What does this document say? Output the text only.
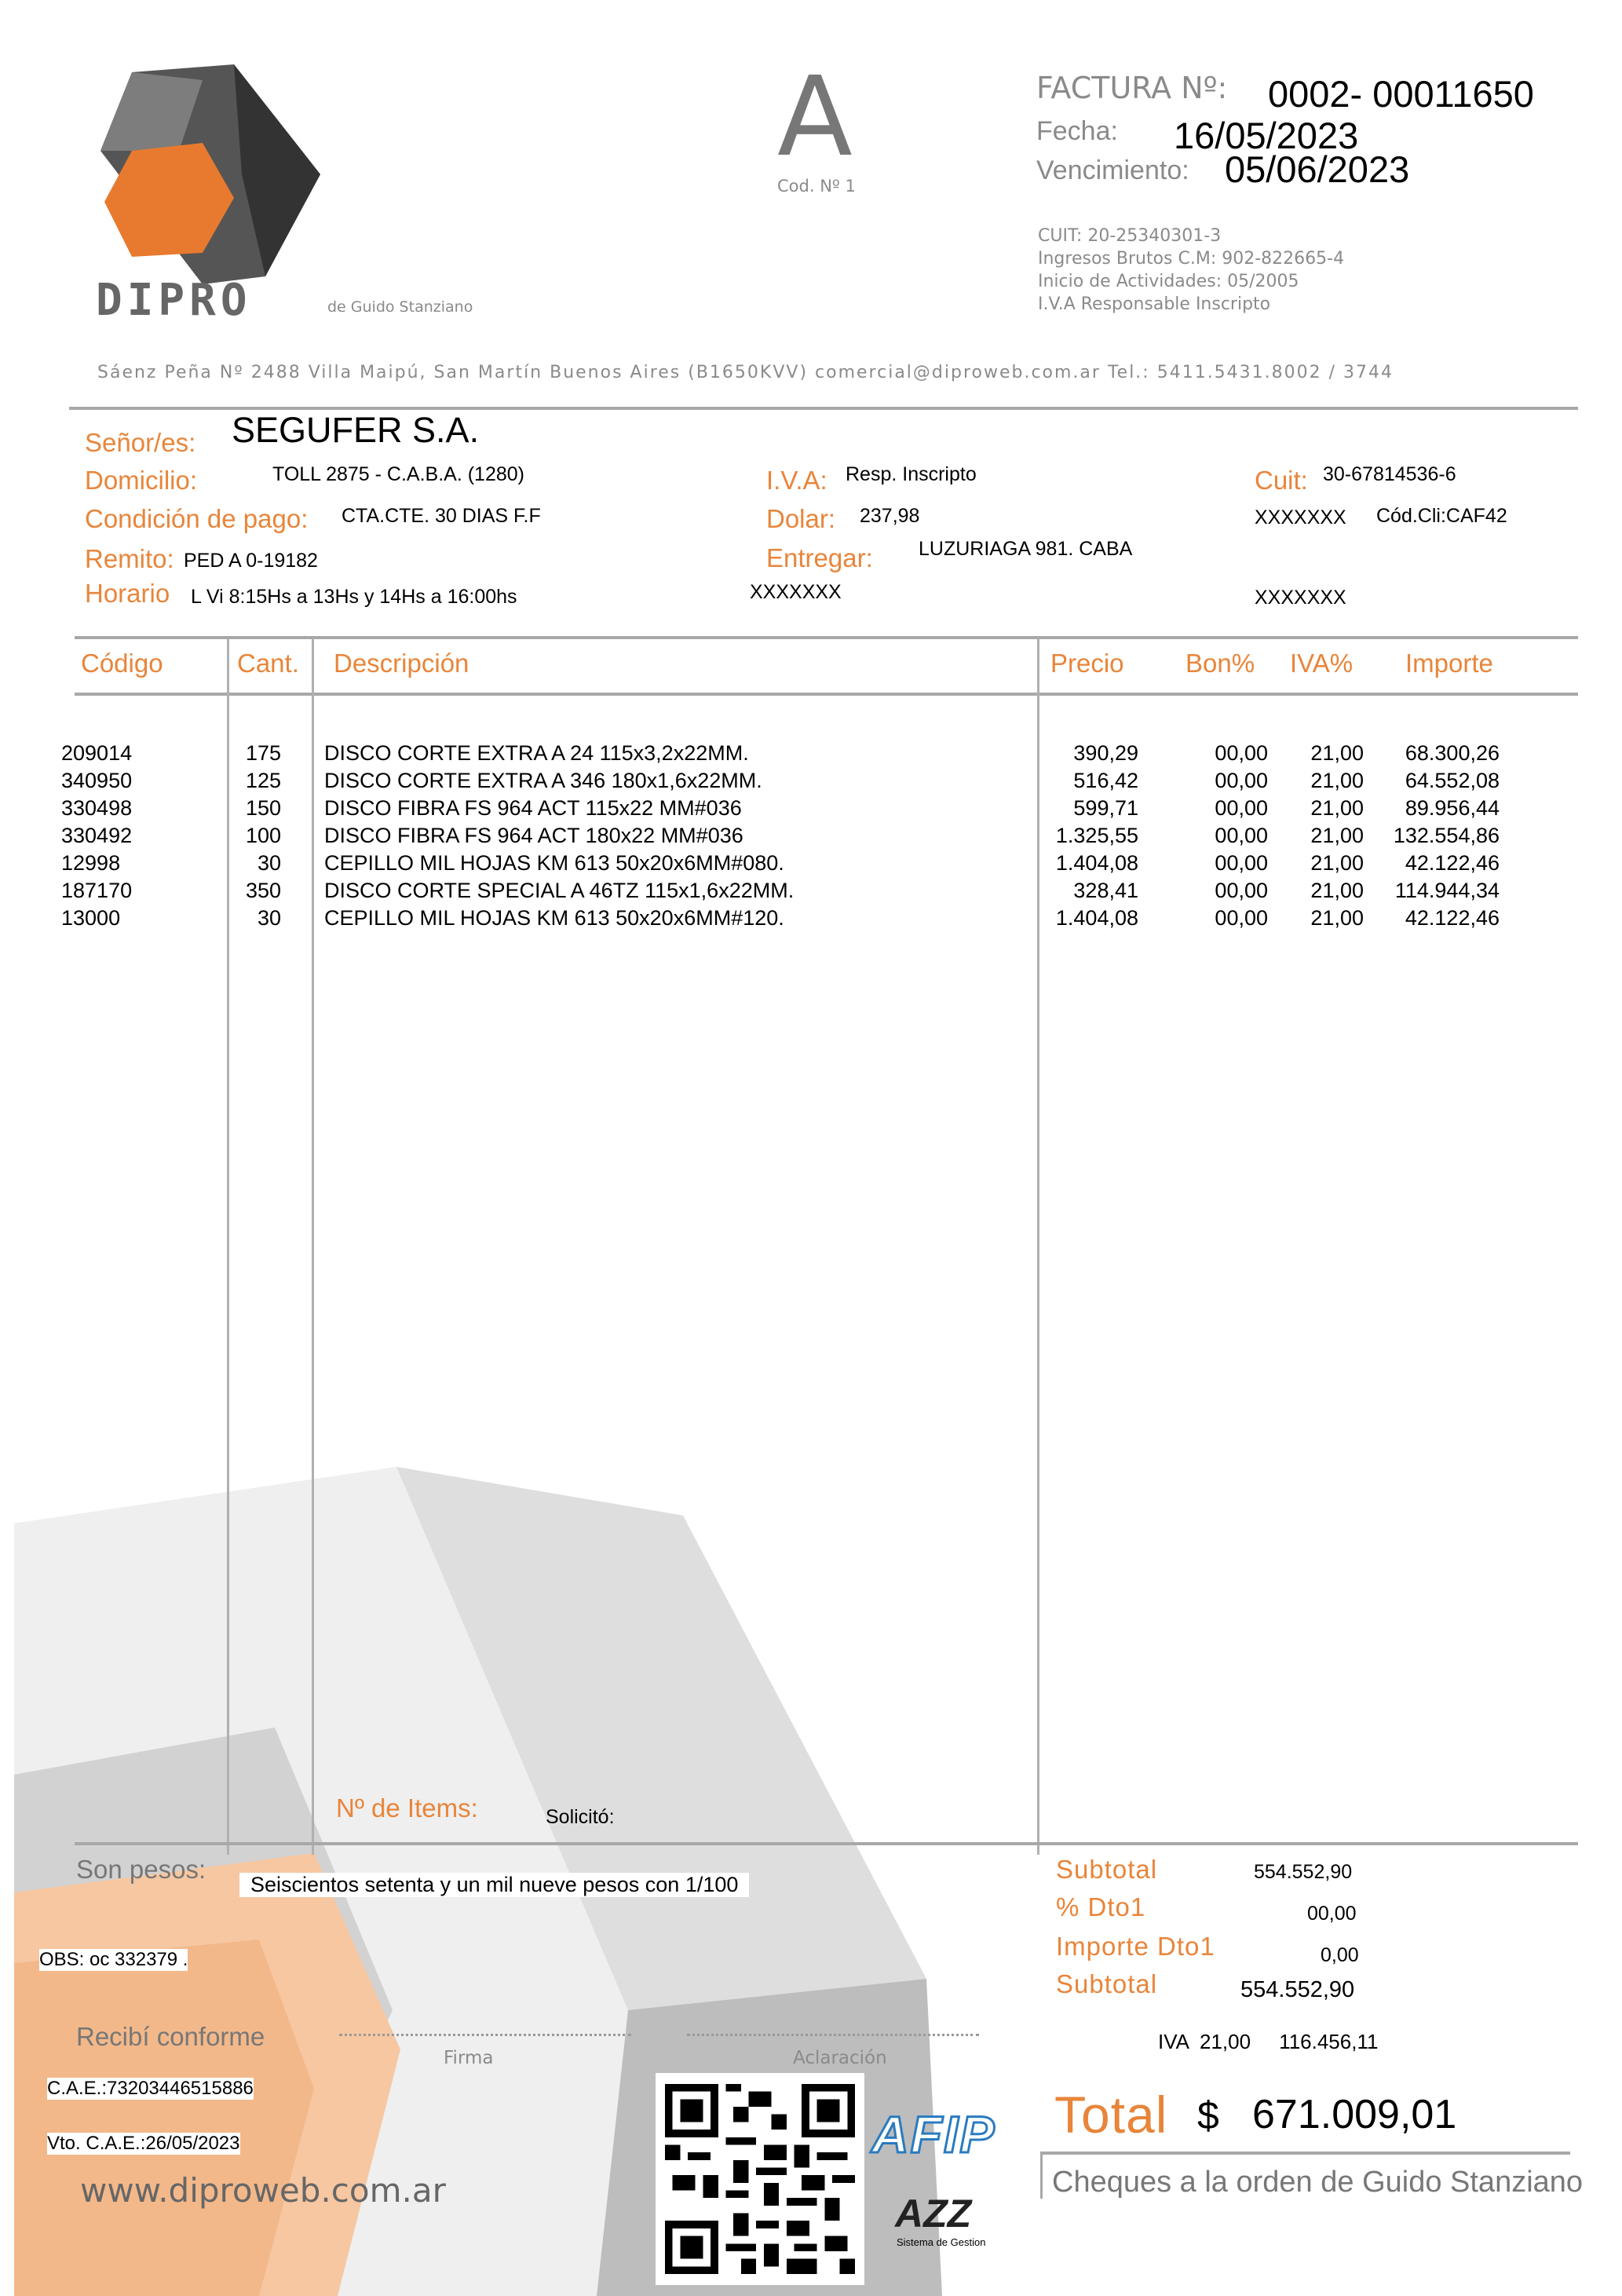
DIPRO	de Guido Stanziano
A
Cod. Nº 1
FACTURA Nº: 0002- 00011650
Fecha: 16/05/2023
Vencimiento: 05/06/2023
CUIT: 20-25340301-3
Ingresos Brutos C.M: 902-822665-4
Inicio de Actividades: 05/2005
I.V.A Responsable Inscripto
Sáenz Peña Nº 2488 Villa Maipú, San Martín Buenos Aires (B1650KVV) comercial@diproweb.com.ar Tel.: 5411.5431.8002 / 3744
Señor/es: SEGUFER S.A.
Domicilio:	TOLL 2875 - C.A.B.A. (1280)
Condición de pago: CTA.CTE. 30 DIAS F.F
Remito: PED A 0-19182
Horario L Vi 8:15Hs a 13Hs y 14Hs a 16:00hs
I.V.A: Resp. Inscripto
Dolar: 237,98
Entregar: LUZURIAGA 981. CABA
XXXXXXX
Cuit: 30-67814536-6
XXXXXXX Cód.Cli:CAF42
XXXXXXX
Código	Cant. Descripción	Precio Bon% IVA% Importe
209014	175 DISCO CORTE EXTRA A 24 115x3,2x22MM.	390,29	00,00 21,00 68.300,26
340950	125 DISCO CORTE EXTRA A 346 180x1,6x22MM.	516,42	00,00 21,00 64.552,08
330498	150 DISCO FIBRA FS 964 ACT 115x22 MM#036	599,71	00,00 21,00 89.956,44
330492	100 DISCO FIBRA FS 964 ACT 180x22 MM#036	1.325,55	00,00 21,00 132.554,86
12998	30 CEPILLO MIL HOJAS KM 613 50x20x6MM#080.	1.404,08	00,00 21,00 42.122,46
187170	350 DISCO CORTE SPECIAL A 46TZ 115x1,6x22MM.	328,41	00,00 21,00 114.944,34
13000	30 CEPILLO MIL HOJAS KM 613 50x20x6MM#120.	1.404,08	00,00 21,00 42.122,46
Nº de Items:	Solicitó:
Son pesos:
Seiscientos setenta y un mil nueve pesos con 1/100
OBS: oc 332379 .
Recibí conforme
Firma	Aclaración
C.A.E.:73203446515886
Vto. C.A.E.:26/05/2023
www.diproweb.com.ar
AFIP
AZZ
Sistema de Gestion
Subtotal	554.552,90
% Dto1	00,00
Importe Dto1	0,00
Subtotal	554.552,90
IVA  21,00     116.456,11
Total $ 671.009,01
Cheques a la orden de Guido Stanziano
